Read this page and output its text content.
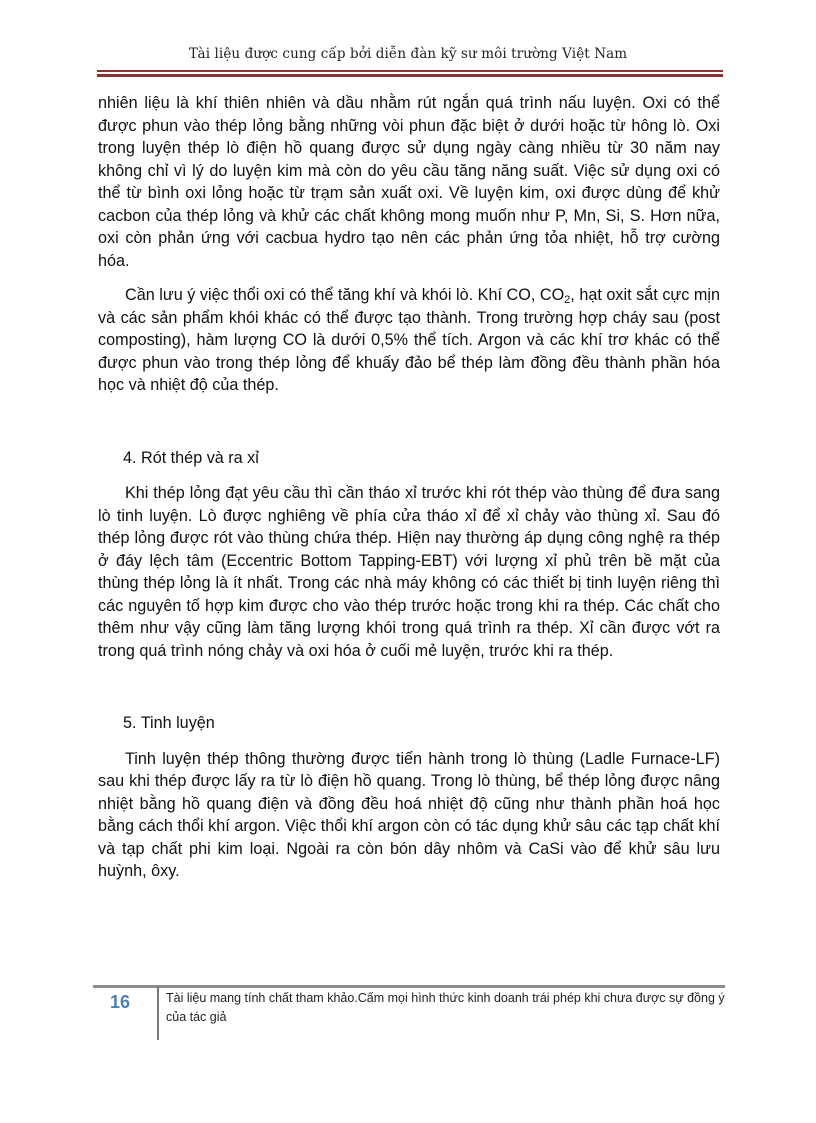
Tài liệu được cung cấp bởi diễn đàn kỹ sư môi trường Việt Nam

nhiên liệu là khí thiên nhiên và dầu nhằm rút ngắn quá trình nấu luyện. Oxi có thể được phun vào thép lỏng bằng những vòi phun đặc biệt ở dưới hoặc từ hông lò. Oxi trong luyện thép lò điện hồ quang được sử dụng ngày càng nhiều từ 30 năm nay không chỉ vì lý do luyện kim mà còn do yêu cầu tăng năng suất. Việc sử dụng oxi có thể từ bình oxi lỏng hoặc từ trạm sản xuất oxi. Về luyện kim, oxi được dùng để khử cacbon của thép lỏng và khử các chất không mong muốn như P, Mn, Si, S. Hơn nữa, oxi còn phản ứng với cacbua hydro tạo nên các phản ứng tỏa nhiệt, hỗ trợ cường hóa.

Cần lưu ý việc thổi oxi có thể tăng khí và khói lò. Khí CO, $CO_2$, hạt oxit sắt cực mịn và các sản phẩm khói khác có thể được tạo thành. Trong trường hợp cháy sau (post composting), hàm lượng CO là dưới 0,5% thể tích. Argon và các khí trơ khác có thể được phun vào trong thép lỏng để khuấy đảo bể thép làm đồng đều thành phần hóa học và nhiệt độ của thép.

4. Rót thép và ra xỉ

Khi thép lỏng đạt yêu cầu thì cần tháo xỉ trước khi rót thép vào thùng để đưa sang lò tinh luyện. Lò được nghiêng về phía cửa tháo xỉ để xỉ chảy vào thùng xỉ. Sau đó thép lỏng được rót vào thùng chứa thép. Hiện nay thường áp dụng công nghệ ra thép ở đáy lệch tâm (Eccentric Bottom Tapping-EBT) với lượng xỉ phủ trên bề mặt của thùng thép lỏng là ít nhất. Trong các nhà máy không có các thiết bị tinh luyện riêng thì các nguyên tố hợp kim được cho vào thép trước hoặc trong khi ra thép. Các chất cho thêm như vậy cũng làm tăng lượng khói trong quá trình ra thép. Xỉ cần được vớt ra trong quá trình nóng chảy và oxi hóa ở cuối mẻ luyện, trước khi ra thép.

5. Tinh luyện

Tinh luyện thép thông thường được tiến hành trong lò thùng (Ladle Furnace-LF) sau khi thép được lấy ra từ lò điện hồ quang. Trong lò thùng, bể thép lỏng được nâng nhiệt bằng hồ quang điện và đồng đều hoá nhiệt độ cũng như thành phần hoá học bằng cách thổi khí argon. Việc thổi khí argon còn có tác dụng khử sâu các tạp chất khí và tạp chất phi kim loại. Ngoài ra còn bón dây nhôm và CaSi vào để khử sâu lưu huỳnh, ôxy.

16	Tài liệu mang tính chất tham khảo.Cấm mọi hình thức kinh doanh trái phép khi chưa được sự đồng ý của tác giả
